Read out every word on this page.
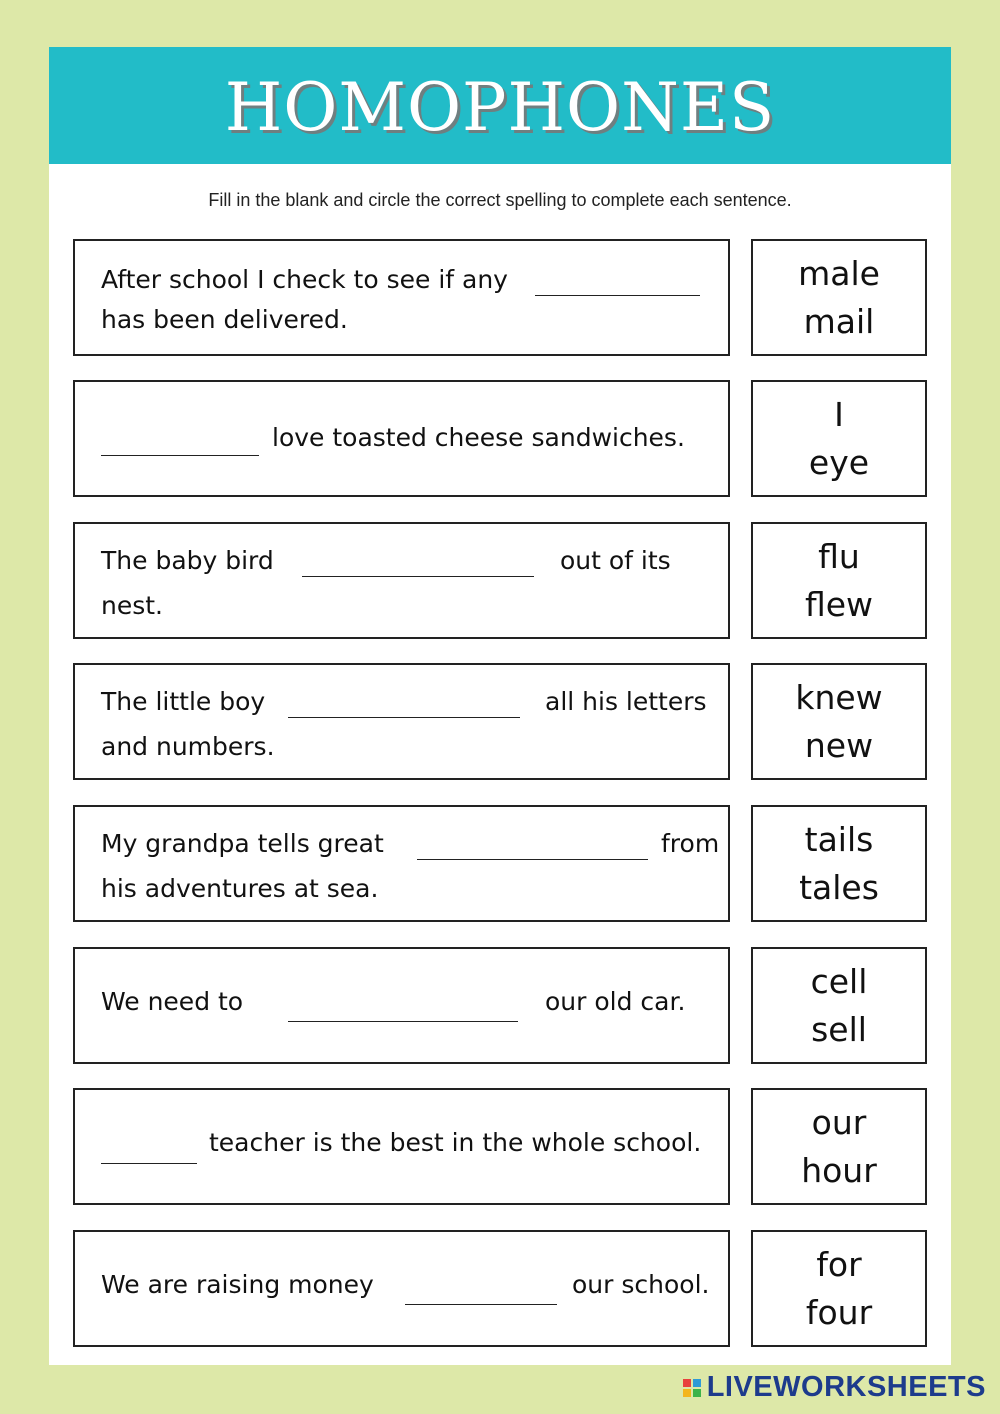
HOMOPHONES
Fill in the blank and circle the correct spelling to complete each sentence.
After school I check to see if any
has been delivered.
male
mail
love toasted cheese sandwiches.
I
eye
The baby bird	out of its
nest.
flu
flew
The little boy	all his letters
and numbers.
knew
new
My grandpa tells great	from
his adventures at sea.
tails
tales
We need to	our old car.
cell
sell
teacher is the best in the whole school.
our
hour
We are raising money	our school.
for
four
LIVEWORKSHEETS
